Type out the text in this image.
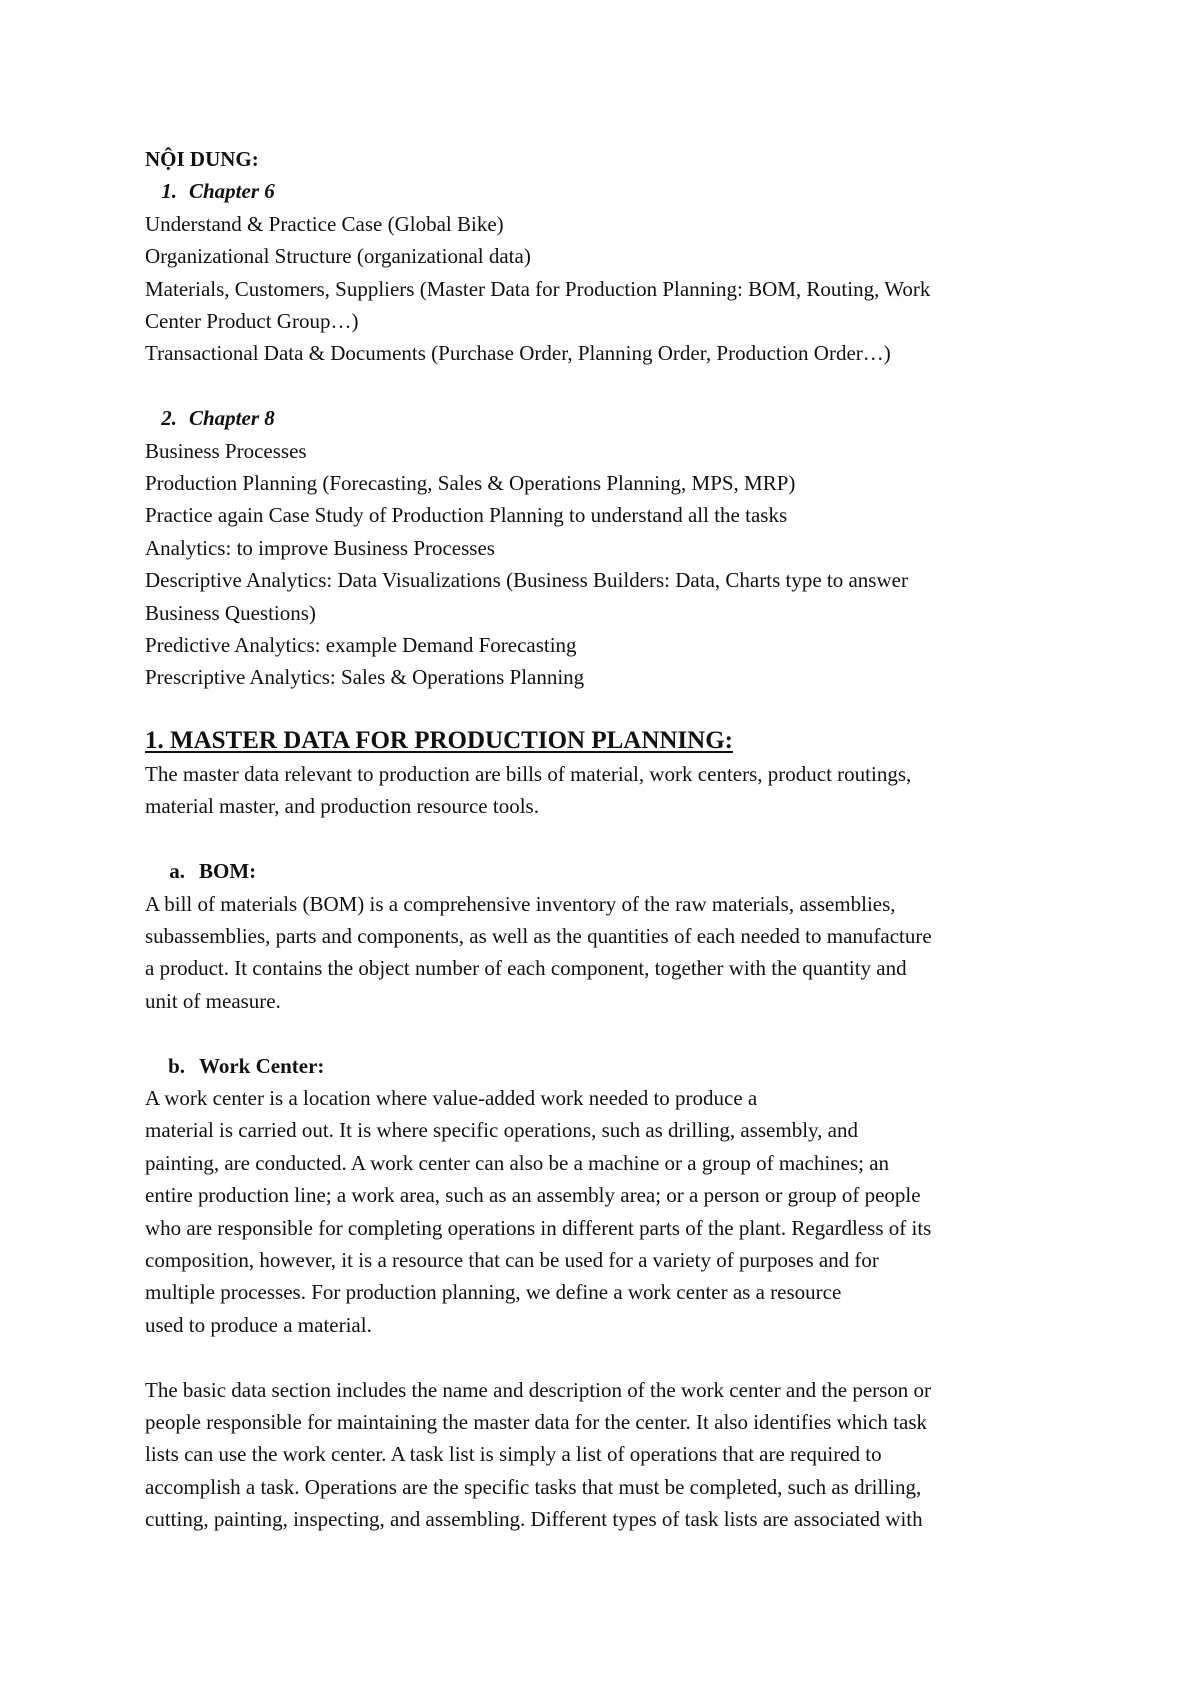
NỘI DUNG:
1. Chapter 6
Understand & Practice Case (Global Bike)
Organizational Structure (organizational data)
Materials, Customers, Suppliers (Master Data for Production Planning: BOM, Routing, Work
Center Product Group…)
Transactional Data & Documents (Purchase Order, Planning Order, Production Order…)
2. Chapter 8
Business Processes
Production Planning (Forecasting, Sales & Operations Planning, MPS, MRP)
Practice again Case Study of Production Planning to understand all the tasks
Analytics: to improve Business Processes
Descriptive Analytics: Data Visualizations (Business Builders: Data, Charts type to answer
Business Questions)
Predictive Analytics: example Demand Forecasting
Prescriptive Analytics: Sales & Operations Planning
1. MASTER DATA FOR PRODUCTION PLANNING:
The master data relevant to production are bills of material, work centers, product routings,
material master, and production resource tools.
a. BOM:
A bill of materials (BOM) is a comprehensive inventory of the raw materials, assemblies,
subassemblies, parts and components, as well as the quantities of each needed to manufacture
a product. It contains the object number of each component, together with the quantity and
unit of measure.
b. Work Center:
A work center is a location where value-added work needed to produce a
material is carried out. It is where specific operations, such as drilling, assembly, and
painting, are conducted. A work center can also be a machine or a group of machines; an
entire production line; a work area, such as an assembly area; or a person or group of people
who are responsible for completing operations in different parts of the plant. Regardless of its
composition, however, it is a resource that can be used for a variety of purposes and for
multiple processes. For production planning, we define a work center as a resource
used to produce a material.
The basic data section includes the name and description of the work center and the person or
people responsible for maintaining the master data for the center. It also identifies which task
lists can use the work center. A task list is simply a list of operations that are required to
accomplish a task. Operations are the specific tasks that must be completed, such as drilling,
cutting, painting, inspecting, and assembling. Different types of task lists are associated with
